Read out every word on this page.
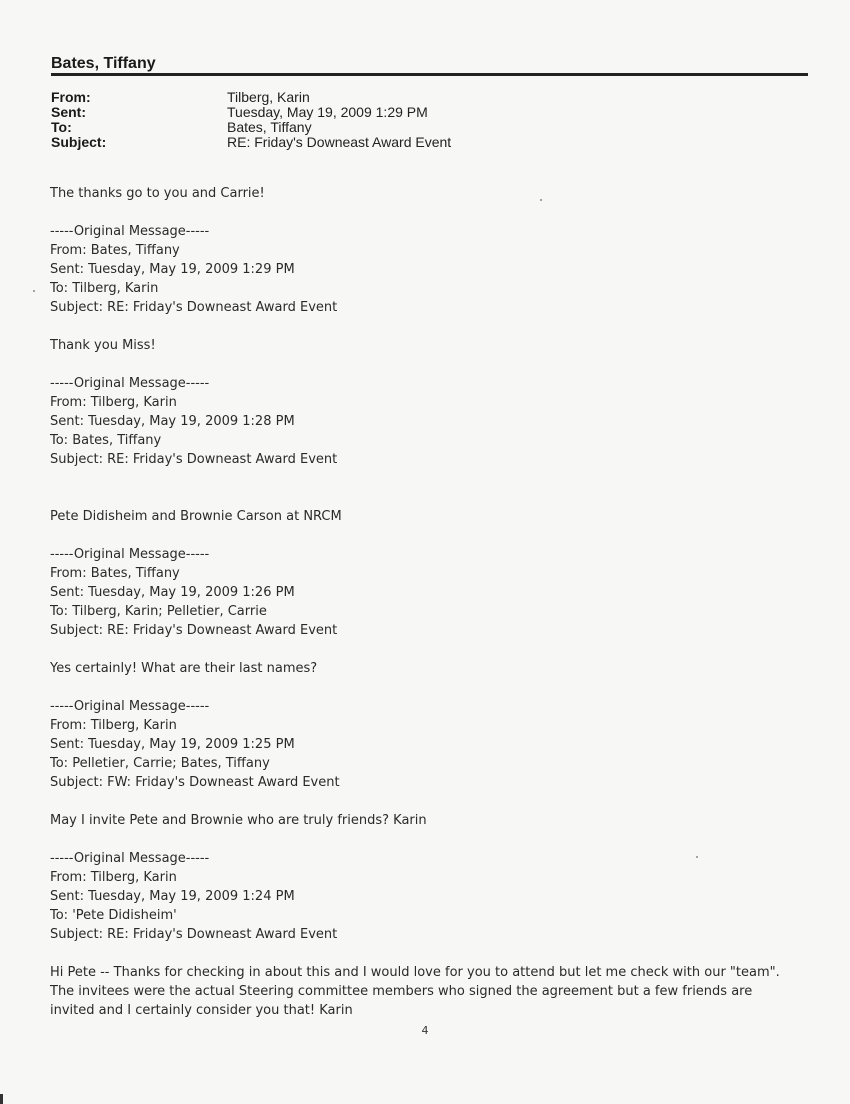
Bates, Tiffany
From:	Tilberg, Karin
Sent:	Tuesday, May 19, 2009 1:29 PM
To:	Bates, Tiffany
Subject:	RE: Friday's Downeast Award Event
The thanks go to you and Carrie!
-----Original Message-----
From: Bates, Tiffany
Sent: Tuesday, May 19, 2009 1:29 PM
To: Tilberg, Karin
Subject: RE: Friday's Downeast Award Event
Thank you Miss!
-----Original Message-----
From: Tilberg, Karin
Sent: Tuesday, May 19, 2009 1:28 PM
To: Bates, Tiffany
Subject: RE: Friday's Downeast Award Event
Pete Didisheim and Brownie Carson at NRCM
-----Original Message-----
From: Bates, Tiffany
Sent: Tuesday, May 19, 2009 1:26 PM
To: Tilberg, Karin; Pelletier, Carrie
Subject: RE: Friday's Downeast Award Event
Yes certainly! What are their last names?
-----Original Message-----
From: Tilberg, Karin
Sent: Tuesday, May 19, 2009 1:25 PM
To: Pelletier, Carrie; Bates, Tiffany
Subject: FW: Friday's Downeast Award Event
May I invite Pete and Brownie who are truly friends? Karin
-----Original Message-----
From: Tilberg, Karin
Sent: Tuesday, May 19, 2009 1:24 PM
To: 'Pete Didisheim'
Subject: RE: Friday's Downeast Award Event
Hi Pete -- Thanks for checking in about this and I would love for you to attend but let me check with our "team". The invitees were the actual Steering committee members who signed the agreement but a few friends are invited and I certainly consider you that! Karin
4
